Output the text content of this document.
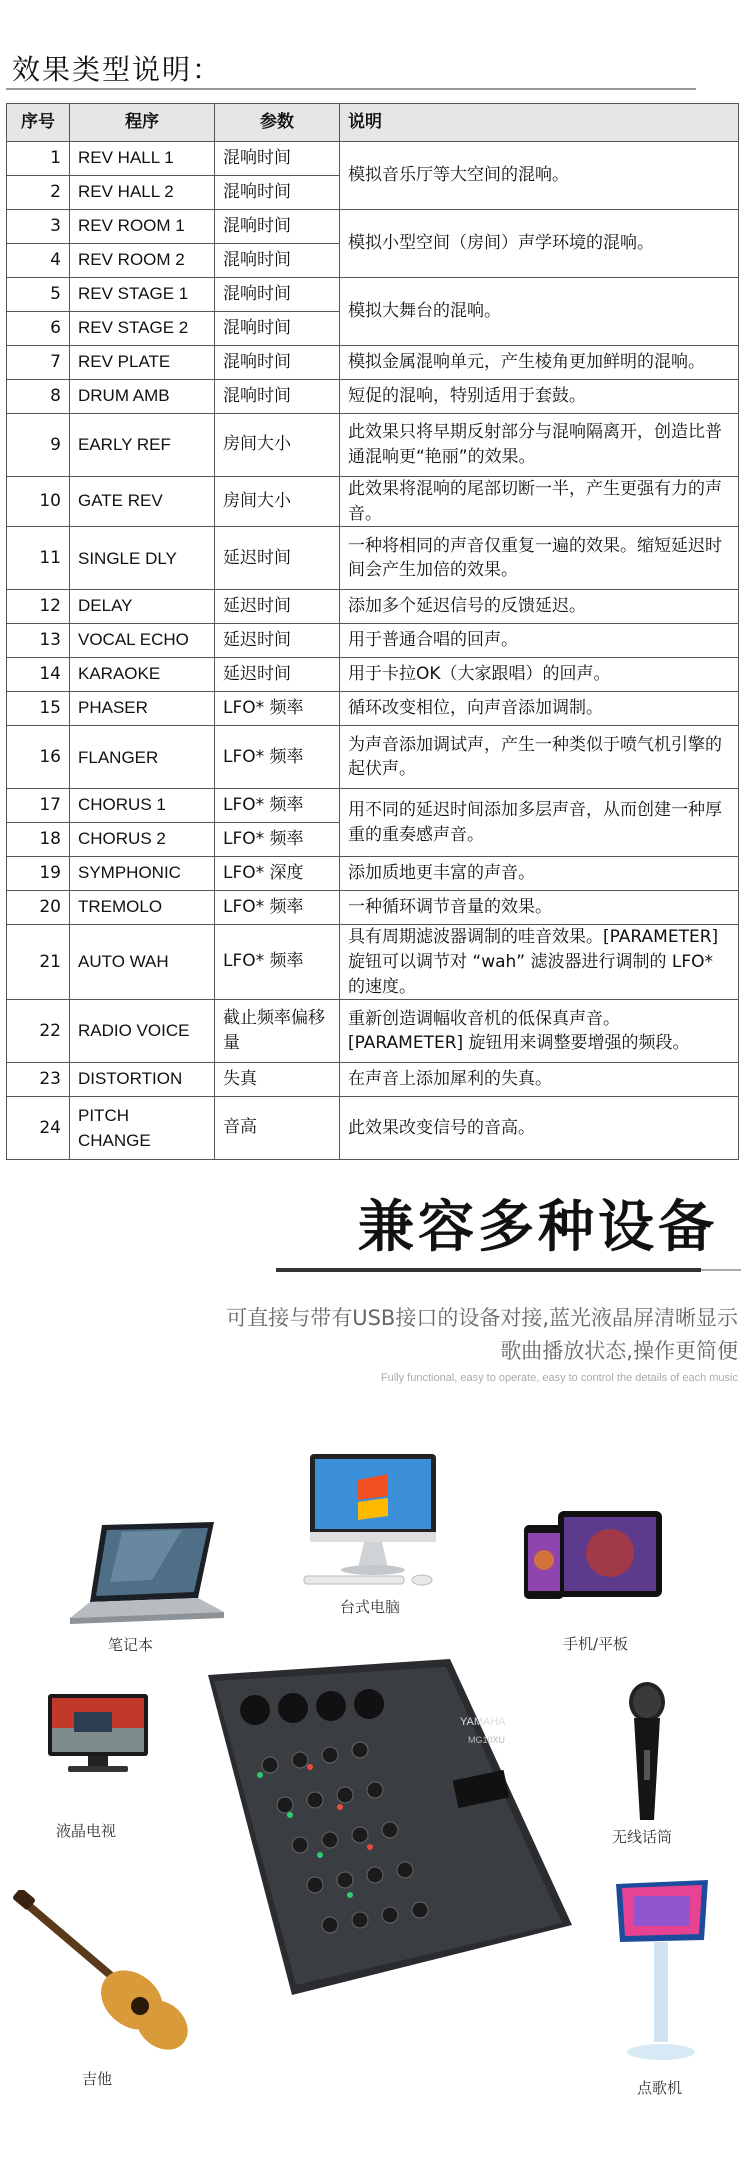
效果类型说明：
序号	程序	参数	说明
1	REV HALL 1	混响时间	模拟音乐厅等大空间的混响。
2	REV HALL 2	混响时间	
3	REV ROOM 1	混响时间	模拟小型空间（房间）声学环境的混响。
4	REV ROOM 2	混响时间	
5	REV STAGE 1	混响时间	模拟大舞台的混响。
6	REV STAGE 2	混响时间	
7	REV PLATE	混响时间	模拟金属混响单元，产生棱角更加鲜明的混响。
8	DRUM AMB	混响时间	短促的混响，特别适用于套鼓。
9	EARLY REF	房间大小	此效果只将早期反射部分与混响隔离开，创造比普通混响更“艳丽”的效果。
10	GATE REV	房间大小	此效果将混响的尾部切断一半，产生更强有力的声音。
11	SINGLE DLY	延迟时间	一种将相同的声音仅重复一遍的效果。缩短延迟时间会产生加倍的效果。
12	DELAY	延迟时间	添加多个延迟信号的反馈延迟。
13	VOCAL ECHO	延迟时间	用于普通合唱的回声。
14	KARAOKE	延迟时间	用于卡拉OK（大家跟唱）的回声。
15	PHASER	LFO* 频率	循环改变相位，向声音添加调制。
16	FLANGER	LFO* 频率	为声音添加调试声，产生一种类似于喷气机引擎的起伏声。
17	CHORUS 1	LFO* 频率	用不同的延迟时间添加多层声音，从而创建一种厚重的重奏感声音。
18	CHORUS 2	LFO* 频率	
19	SYMPHONIC	LFO* 深度	添加质地更丰富的声音。
20	TREMOLO	LFO* 频率	一种循环调节音量的效果。
21	AUTO WAH	LFO* 频率	具有周期滤波器调制的哇音效果。[PARAMETER] 旋钮可以调节对 “wah” 滤波器进行调制的 LFO* 的速度。
22	RADIO VOICE	截止频率偏移量	重新创造调幅收音机的低保真声音。[PARAMETER] 旋钮用来调整要增强的频段。
23	DISTORTION	失真	在声音上添加犀利的失真。
24	PITCH CHANGE	音高	此效果改变信号的音高。
兼容多种设备
可直接与带有USB接口的设备对接,蓝光液晶屏清晰显示
歌曲播放状态,操作更简便
Fully functional, easy to operate, easy to control the details of each music
笔记本
台式电脑
手机/平板
液晶电视	无线话筒
吉他	点歌机
YAMAHA
MG10XU
